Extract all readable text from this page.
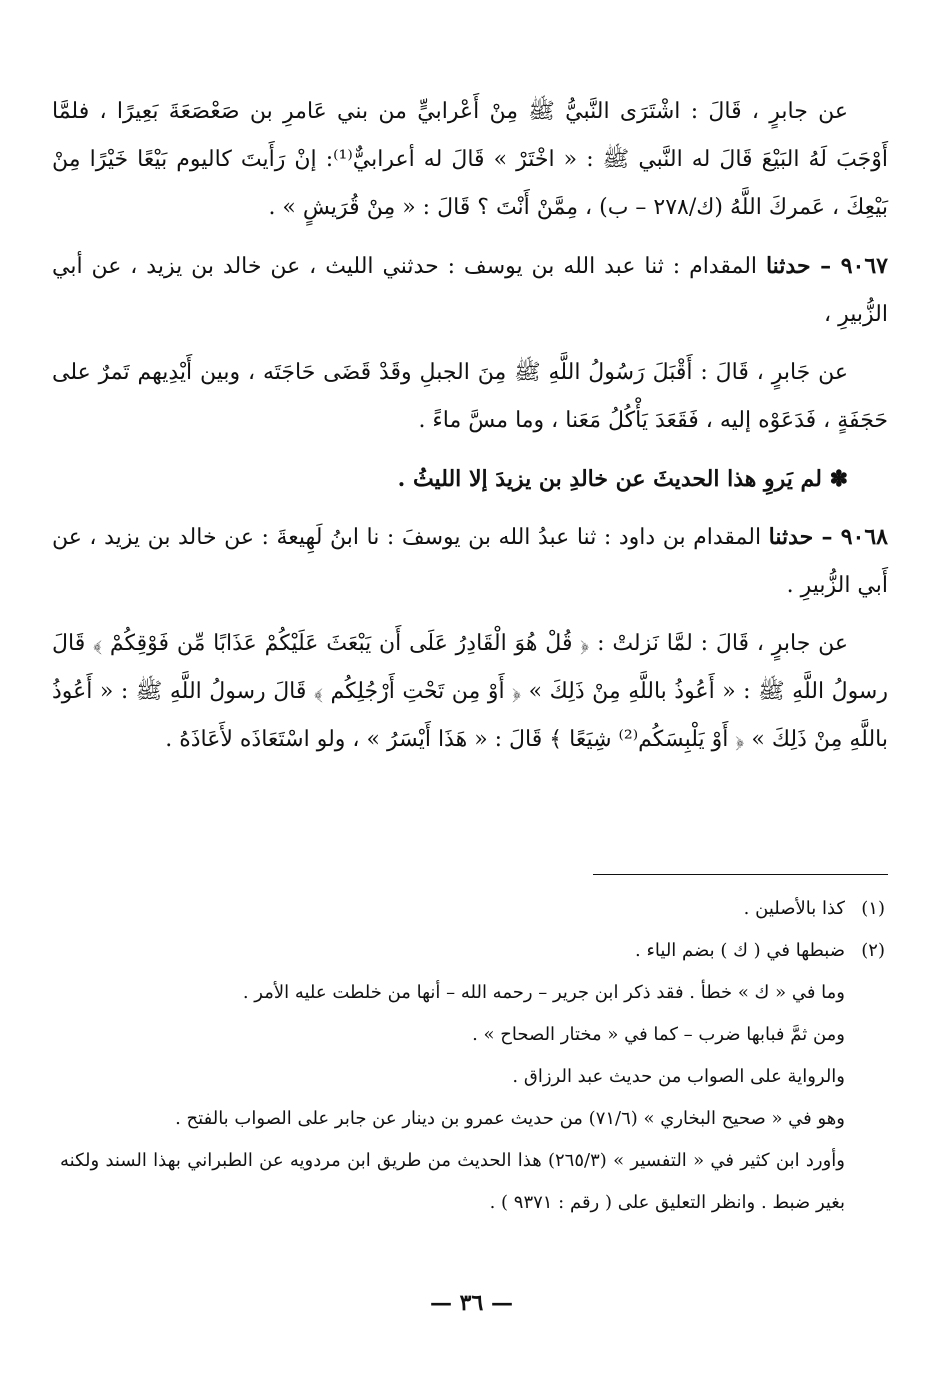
عن جابرٍ ، قَالَ : اشْتَرَى النَّبيُّ ﷺ مِنْ أَعْرابيٍّ من بني عَامرِ بن صَعْصَعَةَ بَعِيرًا ، فلمَّا أَوْجَبَ لَهُ البَيْعَ قَالَ له النَّبي ﷺ : « اخْتَرْ » قَالَ له أعرابيٌّ⁽¹⁾: إنْ رَأَيتَ كاليوم بَيْعًا خَيْرًا مِنْ بَيْعِكَ ، عَمركَ اللَّهُ (ك/٢٧٨ – ب) ، مِمَّنْ أَنْتَ ؟ قَالَ : « مِنْ قُرَيشٍ » .

٩٠٦٧ – حدثنا المقدام : ثنا عبد الله بن يوسف : حدثني الليث ، عن خالد بن يزيد ، عن أبي الزُّبيرِ ،

عن جَابرٍ ، قَالَ : أَقْبَلَ رَسُولُ اللَّهِ ﷺ مِنَ الجبلِ وقَدْ قَضَى حَاجَتَه ، وبين أَيْدِيهم تَمرٌ على حَجَفَةٍ ، فَدَعَوْه إليه ، فَقَعَدَ يَأْكُلُ مَعَنا ، وما مسَّ ماءً .

✽ لم يَروِ هذا الحديثَ عن خالدِ بن يزيدَ إلا الليثُ .

٩٠٦٨ – حدثنا المقدام بن داود : ثنا عبدُ الله بن يوسفَ : نا ابنُ لَهِيعةَ : عن خالد بن يزيد ، عن أَبي الزُّبيرِ .

عن جابرٍ ، قَالَ : لمَّا نَزلتْ : ﴿ قُلْ هُوَ الْقَادِرُ عَلَى أَن يَبْعَثَ عَلَيْكُمْ عَذَابًا مِّن فَوْقِكُمْ ﴾ قَالَ رسولُ اللَّهِ ﷺ : « أَعُوذُ باللَّهِ مِنْ ذَلِكَ » ﴿ أَوْ مِن تَحْتِ أَرْجُلِكُم ﴾ قَالَ رسولُ اللَّهِ ﷺ : « أَعُوذُ باللَّهِ مِنْ ذَلِكَ » ﴿ أَوْ يَلْبِسَكُم⁽²⁾ شِيَعًا ﴾ قَالَ : « هَذَا أَيْسَرُ » ، ولو اسْتَعَاذَه لأَعَاذَهُ .

(١)
كذا بالأصلين .
(٢)
ضبطها في ( ك ) بضم الياء .
وما في « ك » خطأ . فقد ذكر ابن جرير – رحمه الله – أنها من خلطت عليه الأمر .
ومن ثمَّ فبابها ضرب – كما في « مختار الصحاح » .
والرواية على الصواب من حديث عبد الرزاق .
وهو في « صحيح البخاري » (٧١/٦) من حديث عمرو بن دينار عن جابر على الصواب بالفتح .
وأورد ابن كثير في « التفسير » (٢٦٥/٣) هذا الحديث من طريق ابن مردويه عن الطبراني بهذا السند ولكنه بغير ضبط . وانظر التعليق على ( رقم : ٩٣٧١ ) .
— ٣٦ —
